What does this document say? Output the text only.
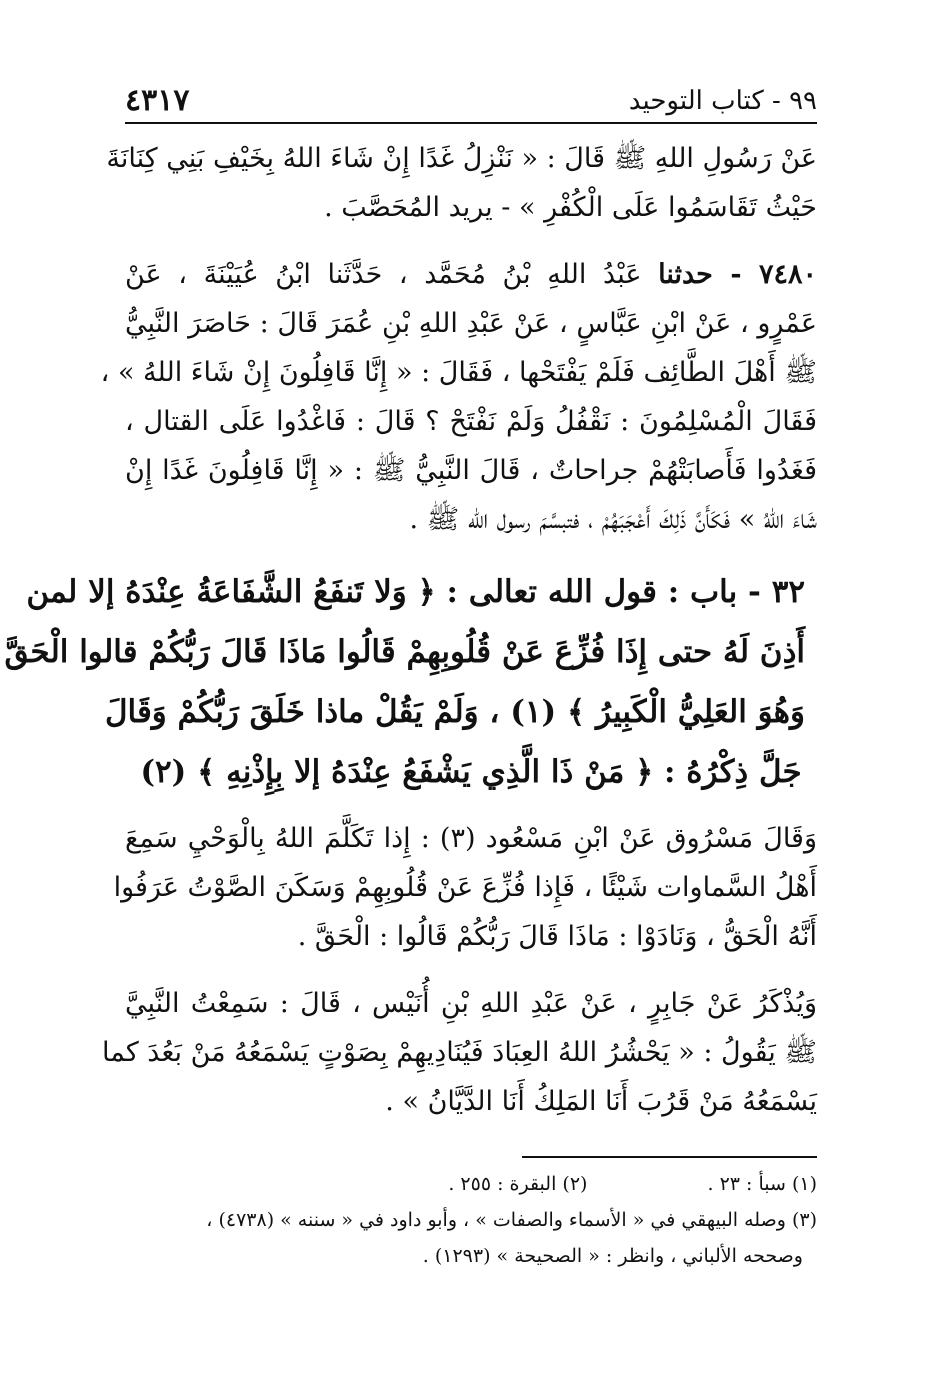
٩٩ - كتاب التوحيد
٤٣١٧
عَنْ رَسُولِ اللهِ ﷺ قَالَ : « نَنْزِلُ غَدًا إِنْ شَاءَ اللهُ بِخَيْفِ بَنِي كِنَانَةَ
حَيْثُ تَقَاسَمُوا عَلَى الْكُفْرِ » - يريد المُحَصَّبَ .
٧٤٨٠ - حدثنا عَبْدُ اللهِ بْنُ مُحَمَّد ، حَدَّثَنا ابْنُ عُيَيْنَةَ ، عَنْ
عَمْرٍو ، عَنْ ابْنِ عَبَّاسٍ ، عَنْ عَبْدِ اللهِ بْنِ عُمَرَ قَالَ : حَاصَرَ النَّبِيُّ
ﷺ أَهْلَ الطَّائِف فَلَمْ يَفْتَحْها ، فَقَالَ : « إِنَّا قَافِلُونَ إِنْ شَاءَ اللهُ » ،
فَقَالَ الْمُسْلِمُونَ : نَقْفُلُ وَلَمْ نَفْتَحْ ؟ قَالَ : فَاغْدُوا عَلَى القتال ،
فَغَدُوا فَأَصابَتْهُمْ جراحاتٌ ، قَالَ النَّبِيُّ ﷺ : « إِنَّا قَافِلُونَ غَدًا إِنْ
شَاءَ اللهُ » فَكَأَنَّ ذَلِكَ أَعْجَبَهُمْ ، فتبسَّمَ رسول الله ﷺ .
٣٢ - باب : قول الله تعالى : ﴿ وَلا تَنفَعُ الشَّفَاعَةُ عِنْدَهُ إلا لمن
أَذِنَ لَهُ حتى إِذَا فُزِّعَ عَنْ قُلُوبِهِمْ قَالُوا مَاذَا قَالَ رَبُّكُمْ قالوا الْحَقَّ
وَهُوَ العَلِيُّ الْكَبِيرُ ﴾ (١) ، وَلَمْ يَقُلْ ماذا خَلَقَ رَبُّكُمْ وَقَالَ
جَلَّ ذِكْرُهُ : ﴿ مَنْ ذَا الَّذِي يَشْفَعُ عِنْدَهُ إلا بِإِذْنِهِ ﴾ (٢)
وَقَالَ مَسْرُوق عَنْ ابْنِ مَسْعُود (٣) : إِذا تَكَلَّمَ اللهُ بِالْوَحْيِ سَمِعَ
أَهْلُ السَّماوات شَيْئًا ، فَإِذا فُزِّعَ عَنْ قُلُوبِهِمْ وَسَكَنَ الصَّوْتُ عَرَفُوا
أَنَّهُ الْحَقُّ ، وَنَادَوْا : مَاذَا قَالَ رَبُّكُمْ قَالُوا : الْحَقَّ .
وَيُذْكَرُ عَنْ جَابِرٍ ، عَنْ عَبْدِ اللهِ بْنِ أُنَيْس ، قَالَ : سَمِعْتُ النَّبِيَّ
ﷺ يَقُولُ : « يَحْشُرُ اللهُ العِبَادَ فَيُنَادِيهِمْ بِصَوْتٍ يَسْمَعُهُ مَنْ بَعُدَ كما
يَسْمَعُهُ مَنْ قَرُبَ أَنَا المَلِكُ أَنَا الدَّيَّانُ » .
(١) سبأ : ٢٣ .
(٢) البقرة : ٢٥٥ .
(٣) وصله البيهقي في « الأسماء والصفات » ، وأبو داود في « سننه » (٤٧٣٨) ،
وصححه الألباني ، وانظر : « الصحيحة » (١٢٩٣) .
